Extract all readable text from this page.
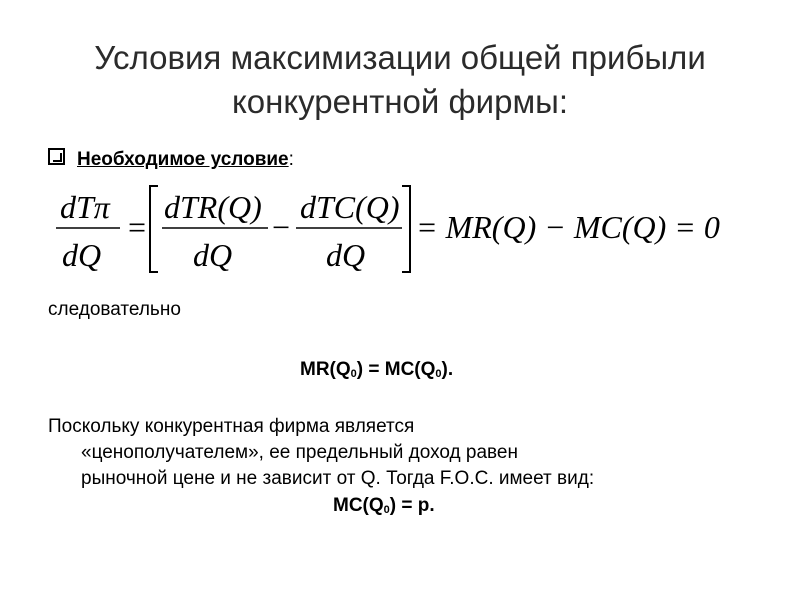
Условия максимизации общей прибыли
конкурентной фирмы:
Необходимое условие:
dTπ
dQ
=
dTR(Q)
dQ
−
dTC(Q)
dQ
= MR(Q) − MC(Q) = 0
следовательно
$MR(Q_0) = MC(Q_0)$.
Поскольку конкурентная фирма является
«ценополучателем», ее предельный доход равен
рыночной цене и не зависит от Q. Тогда F.O.C. имеет вид:
$MC(Q_0) = p$.
